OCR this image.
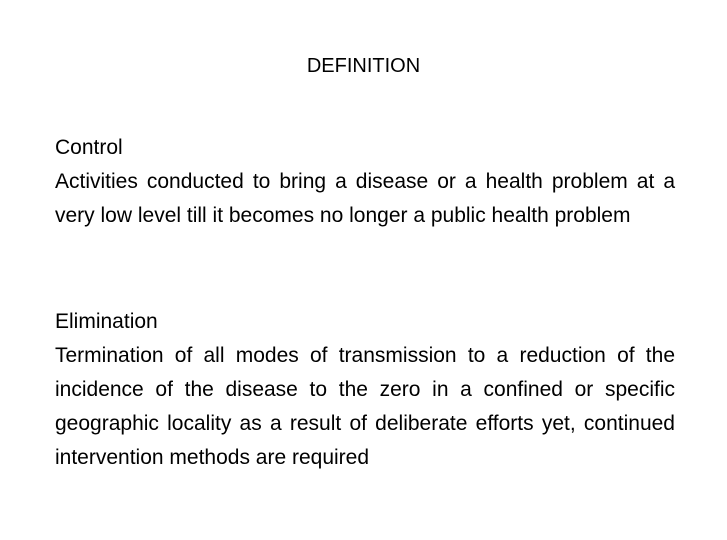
DEFINITION
Control
Activities conducted to bring a disease or a health problem at a very low level till it becomes no longer a public health problem
Elimination
Termination of all modes of transmission to a reduction of the incidence of the disease to the zero in a confined or specific geographic locality as a result of deliberate efforts yet, continued intervention methods are required
